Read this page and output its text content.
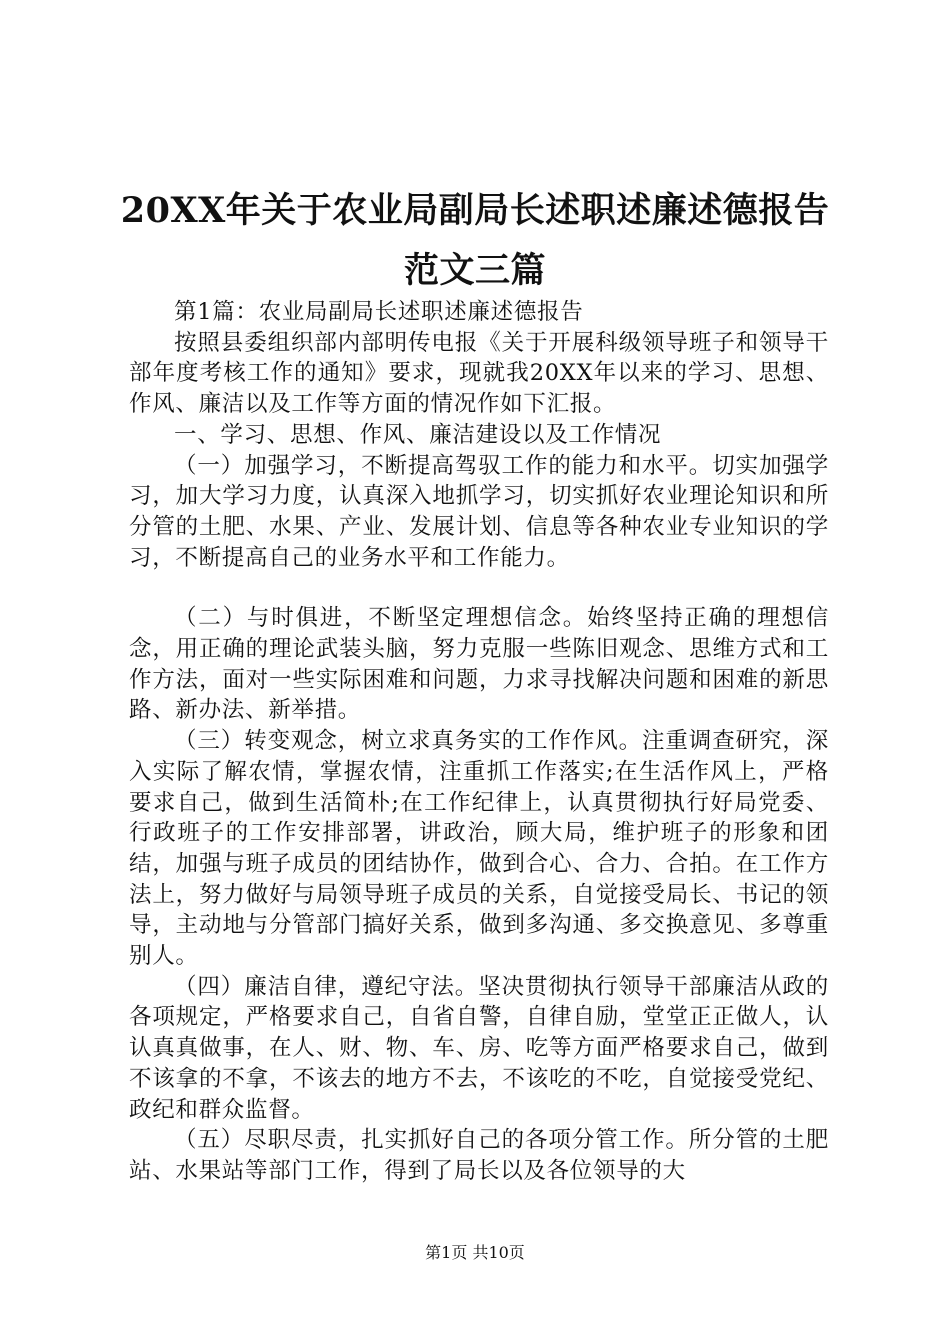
20XX年关于农业局副局长述职述廉述德报告
范文三篇

第1篇：农业局副局长述职述廉述德报告

按照县委组织部内部明传电报《关于开展科级领导班子和领导干部年度考核工作的通知》要求，现就我20XX年以来的学习、思想、作风、廉洁以及工作等方面的情况作如下汇报。

一、学习、思想、作风、廉洁建设以及工作情况

（一）加强学习，不断提高驾驭工作的能力和水平。切实加强学习，加大学习力度，认真深入地抓学习，切实抓好农业理论知识和所分管的土肥、水果、产业、发展计划、信息等各种农业专业知识的学习，不断提高自己的业务水平和工作能力。

（二）与时俱进，不断坚定理想信念。始终坚持正确的理想信念，用正确的理论武装头脑，努力克服一些陈旧观念、思维方式和工作方法，面对一些实际困难和问题，力求寻找解决问题和困难的新思路、新办法、新举措。

（三）转变观念，树立求真务实的工作作风。注重调查研究，深入实际了解农情，掌握农情，注重抓工作落实;在生活作风上，严格要求自己，做到生活简朴;在工作纪律上，认真贯彻执行好局党委、行政班子的工作安排部署，讲政治，顾大局，维护班子的形象和团结，加强与班子成员的团结协作，做到合心、合力、合拍。在工作方法上，努力做好与局领导班子成员的关系，自觉接受局长、书记的领导，主动地与分管部门搞好关系，做到多沟通、多交换意见、多尊重别人。

（四）廉洁自律，遵纪守法。坚决贯彻执行领导干部廉洁从政的各项规定，严格要求自己，自省自警，自律自励，堂堂正正做人，认认真真做事，在人、财、物、车、房、吃等方面严格要求自己，做到不该拿的不拿，不该去的地方不去，不该吃的不吃，自觉接受党纪、政纪和群众监督。

（五）尽职尽责，扎实抓好自己的各项分管工作。所分管的土肥站、水果站等部门工作，得到了局长以及各位领导的大

第1页 共10页
